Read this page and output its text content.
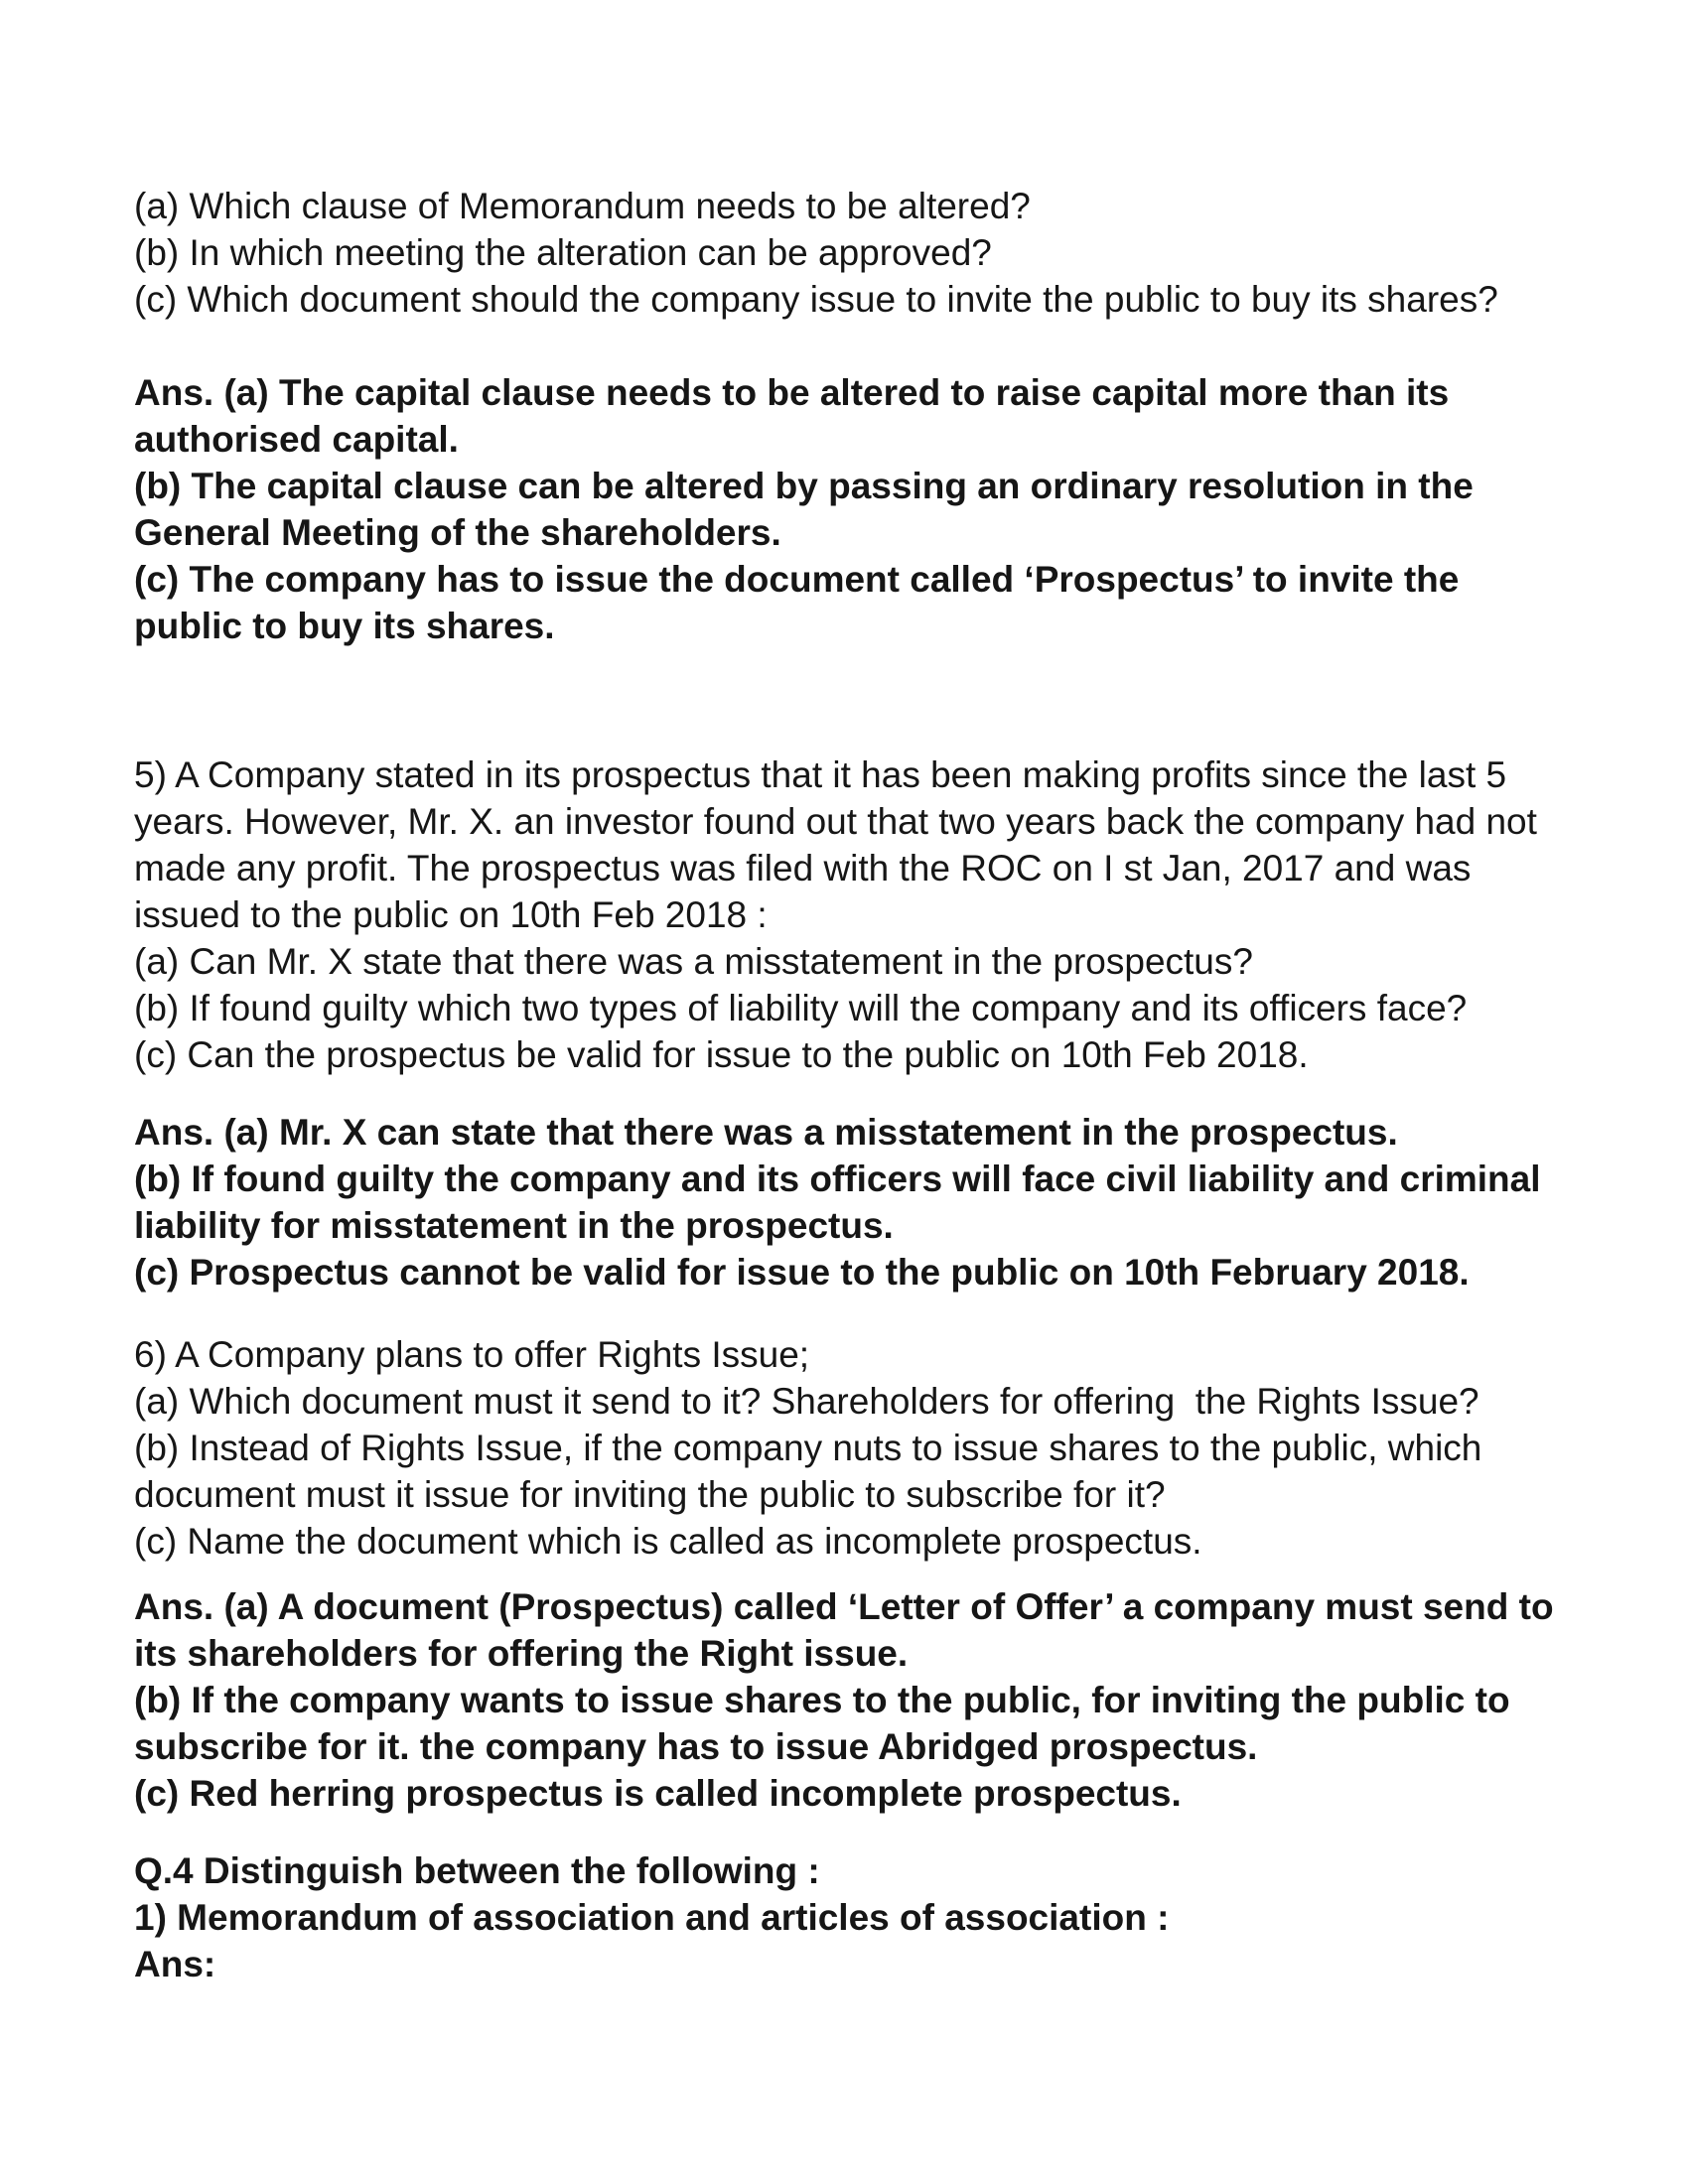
(a) Which clause of Memorandum needs to be altered?
(b) In which meeting the alteration can be approved?
(c) Which document should the company issue to invite the public to buy its shares?
Ans. (a) The capital clause needs to be altered to raise capital more than its
authorised capital.
(b) The capital clause can be altered by passing an ordinary resolution in the
General Meeting of the shareholders.
(c) The company has to issue the document called ‘Prospectus’ to invite the
public to buy its shares.
5) A Company stated in its prospectus that it has been making profits since the last 5
years. However, Mr. X. an investor found out that two years back the company had not
made any profit. The prospectus was filed with the ROC on I st Jan, 2017 and was
issued to the public on 10th Feb 2018 :
(a) Can Mr. X state that there was a misstatement in the prospectus?
(b) If found guilty which two types of liability will the company and its officers face?
(c) Can the prospectus be valid for issue to the public on 10th Feb 2018.
Ans. (a) Mr. X can state that there was a misstatement in the prospectus.
(b) If found guilty the company and its officers will face civil liability and criminal
liability for misstatement in the prospectus.
(c) Prospectus cannot be valid for issue to the public on 10th February 2018.
6) A Company plans to offer Rights Issue;
(a) Which document must it send to it? Shareholders for offering  the Rights Issue?
(b) Instead of Rights Issue, if the company nuts to issue shares to the public, which
document must it issue for inviting the public to subscribe for it?
(c) Name the document which is called as incomplete prospectus.
Ans. (a) A document (Prospectus) called ‘Letter of Offer’ a company must send to
its shareholders for offering the Right issue.
(b) If the company wants to issue shares to the public, for inviting the public to
subscribe for it. the company has to issue Abridged prospectus.
(c) Red herring prospectus is called incomplete prospectus.
Q.4 Distinguish between the following :
1) Memorandum of association and articles of association :
Ans:
